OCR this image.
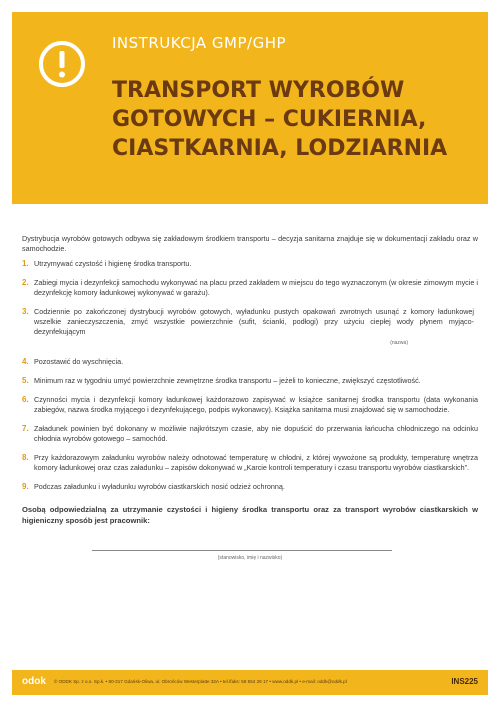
INSTRUKCJA GMP/GHP
TRANSPORT WYROBÓW
GOTOWYCH – CUKIERNIA,
CIASTKARNIA, LODZIARNIA

Dystrybucja wyrobów gotowych odbywa się zakładowym środkiem transportu – decyzja sanitarna znajduje się w dokumentacji zakładu oraz w samochodzie.

1. Utrzymywać czystość i higienę środka transportu.
2. Zabiegi mycia i dezynfekcji samochodu wykonywać na placu przed zakładem w miejscu do tego wyznaczonym (w okresie zimowym mycie i dezynfekcję komory ładunkowej wykonywać w garażu).
3. Codziennie po zakończonej dystrybucji wyrobów gotowych, wyładunku pustych opakowań zwrotnych usunąć z komory ładunkowej wszelkie zanieczyszczenia, zmyć wszystkie powierzchnie (sufit, ścianki, podłogi) przy użyciu ciepłej wody płynem myjąco- dezynfekującym
(nazwa)
4. Pozostawić do wyschnięcia.
5. Minimum raz w tygodniu umyć powierzchnie zewnętrzne środka transportu – jeżeli to konieczne, zwiększyć częstotliwość.
6. Czynności mycia i dezynfekcji komory ładunkowej każdorazowo zapisywać w książce sanitarnej środka transportu (data wykonania zabiegów, nazwa środka myjącego i dezynfekującego, podpis wykonawcy). Książka sanitarna musi znajdować się w samochodzie.
7. Załadunek powinien być dokonany w możliwie najkrótszym czasie, aby nie dopuścić do przerwania łańcucha chłodniczego na odcinku chłodnia wyrobów gotowego – samochód.
8. Przy każdorazowym załadunku wyrobów należy odnotować temperaturę w chłodni, z której wywożone są produkty, temperaturę wnętrza komory ładunkowej oraz czas załadunku – zapisów dokonywać w „Karcie kontroli temperatury i czasu transportu wyrobów ciastkarskich”.
9. Podczas załadunku i wyładunku wyrobów ciastkarskich nosić odzież ochronną.

Osobą odpowiedzialną za utrzymanie czystości i higieny środka transportu oraz za transport wyrobów ciastkarskich w higieniczny sposób jest pracownik:

(stanowisko, imię i nazwisko)
odok © ODDK Sp. z o.o. Sp.k. • 80-317 Gdańsk-Oliwa, ul. Obrońców Westerplatte 32A • tel./faks: 58 554 29 17 • www.oddk.pl • e-mail: oddk@oddk.pl	INS225
